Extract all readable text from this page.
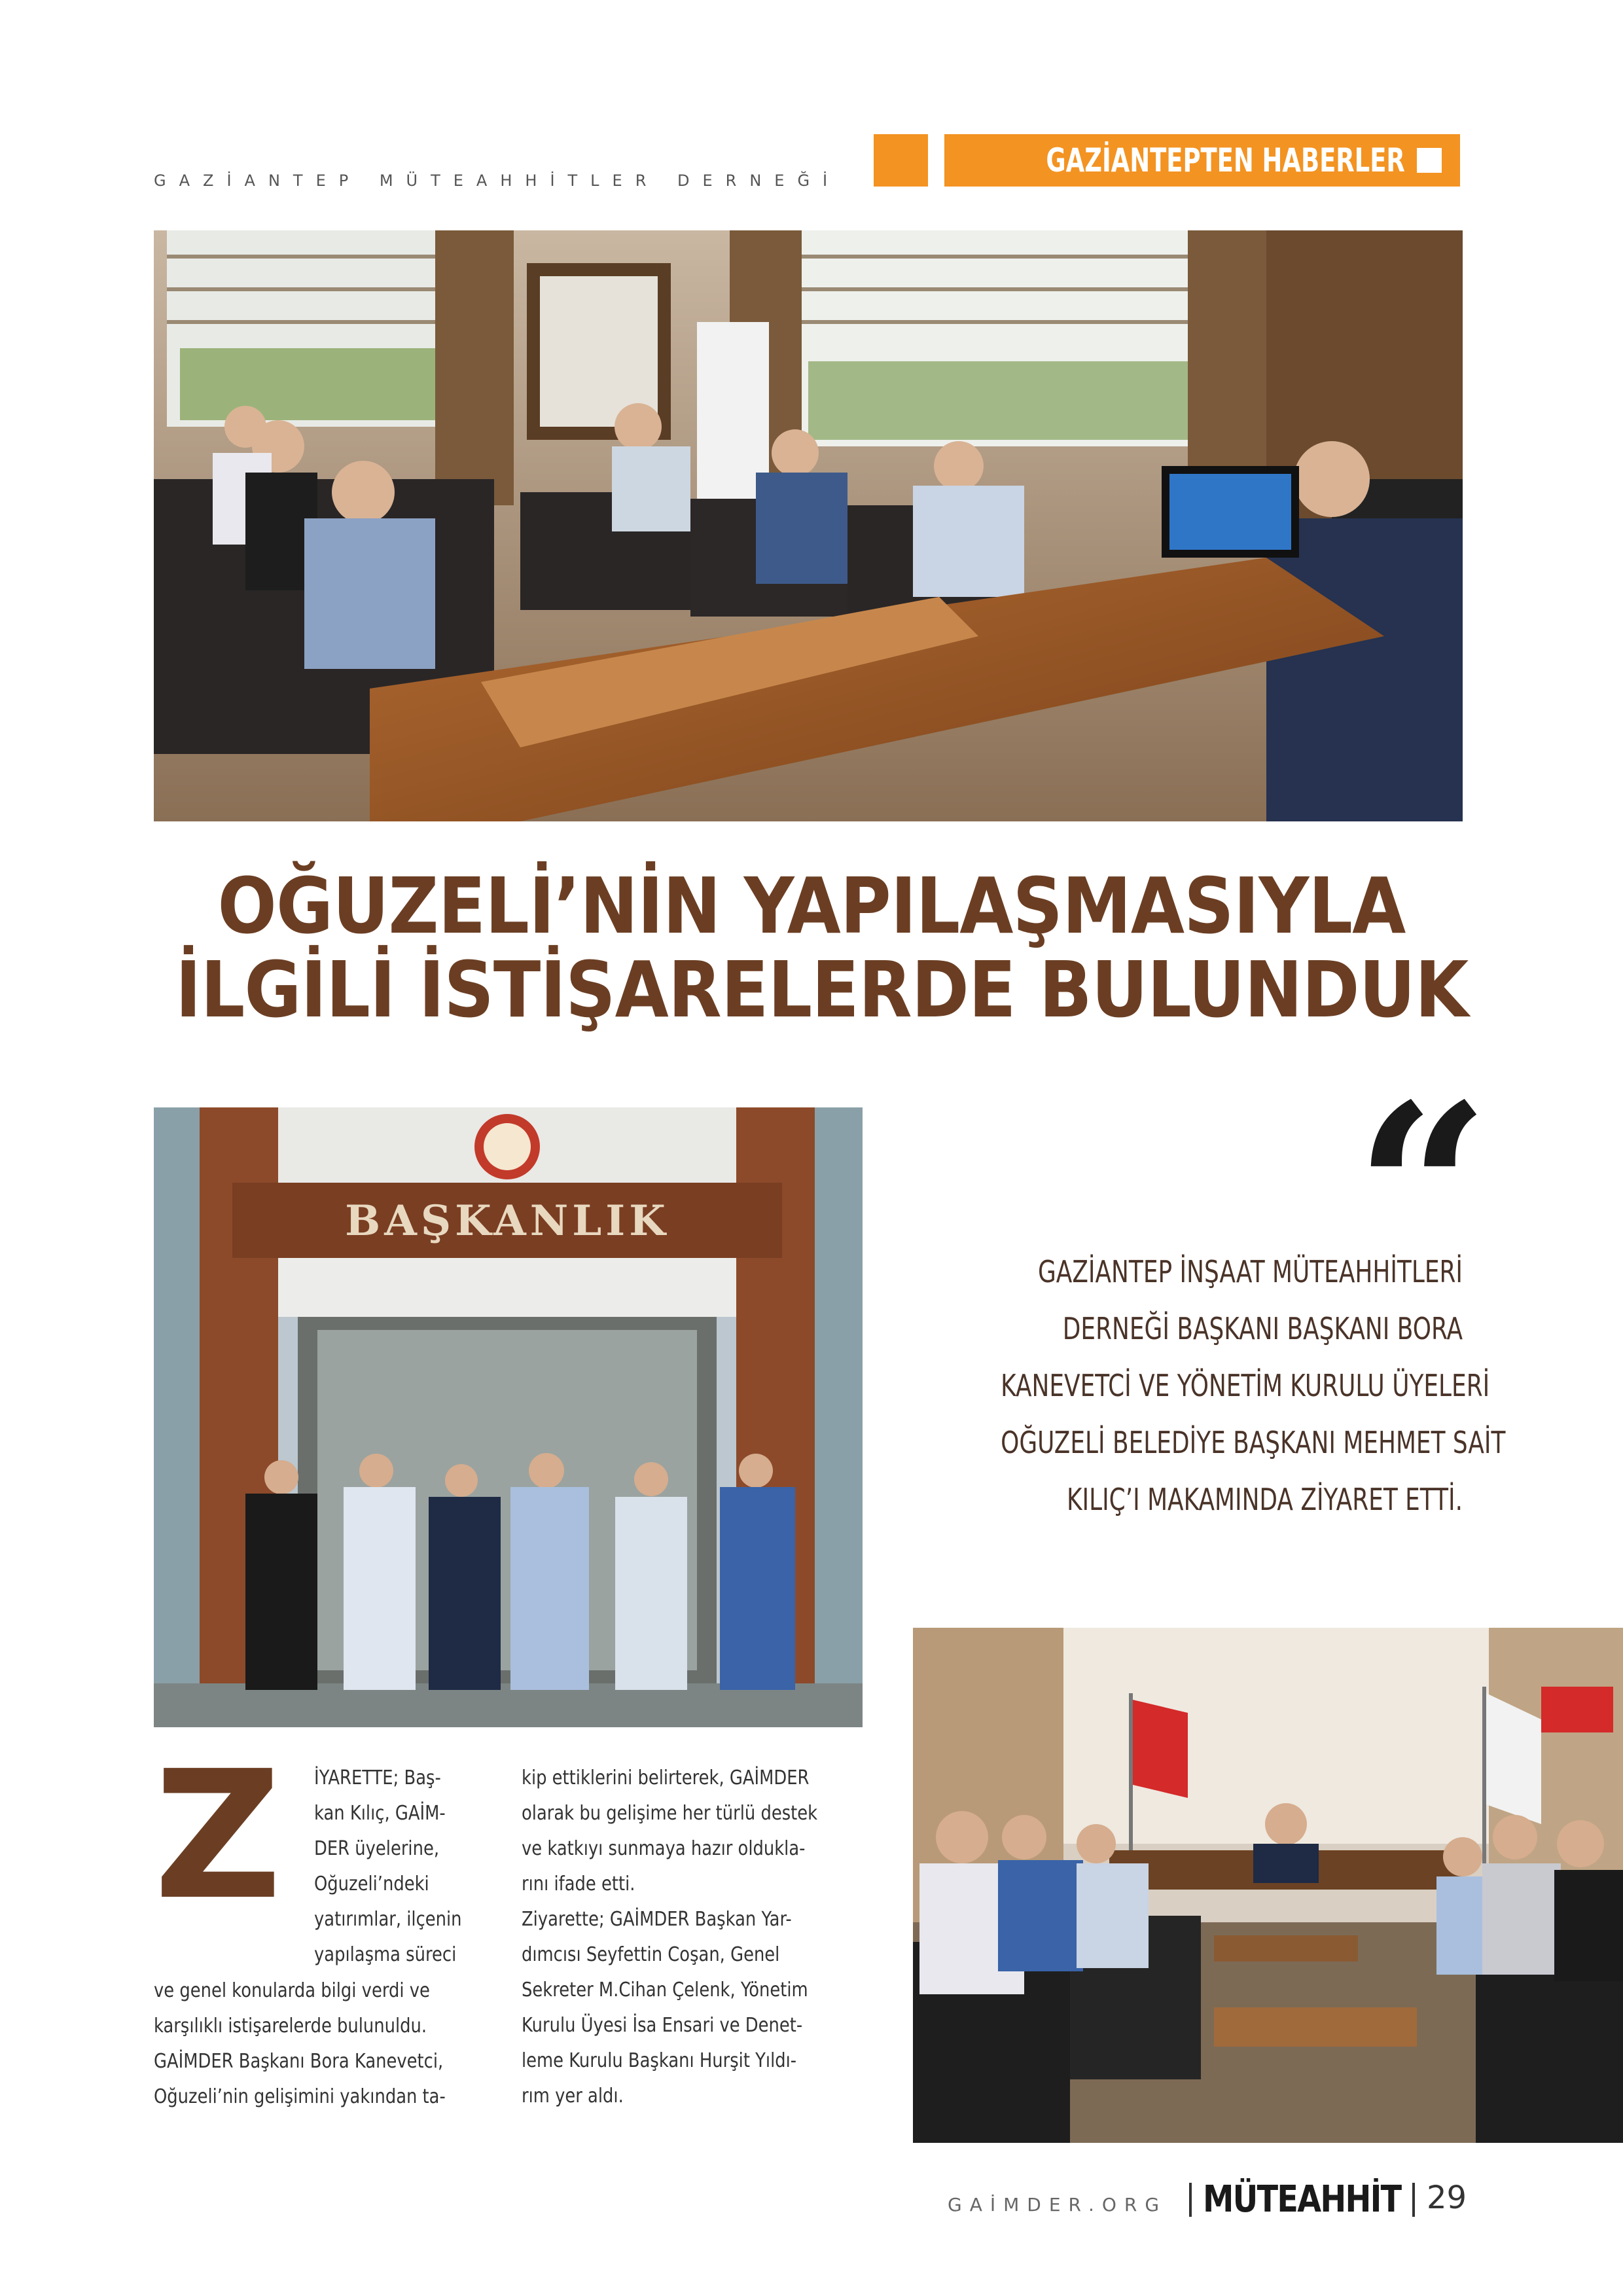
GAZİANTEP MÜTEAHHİTLER DERNEĞİ
GAZİANTEPTEN HABERLER
OĞUZELİ’NİN YAPILAŞMASIYLA
İLGİLİ İSTİŞARELERDE BULUNDUK
BAŞKANLIK	“
GAZİANTEP İNŞAAT MÜTEAHHİTLERİ
DERNEĞİ BAŞKANI BAŞKANI BORA
KANEVETCİ VE YÖNETİM KURULU ÜYELERİ
OĞUZELİ BELEDİYE BAŞKANI MEHMET SAİT
KILIÇ’I MAKAMINDA ZİYARET ETTİ.
Z İYARETTE; Baş-
kan Kılıç, GAİM-
DER üyelerine,
Oğuzeli’ndeki
yatırımlar, ilçenin
yapılaşma süreci
ve genel konularda bilgi verdi ve
karşılıklı istişarelerde bulunuldu.
GAİMDER Başkanı Bora Kanevetci,
Oğuzeli’nin gelişimini yakından ta-
kip ettiklerini belirterek, GAİMDER
olarak bu gelişime her türlü destek
ve katkıyı sunmaya hazır oldukla-
rını ifade etti.
Ziyarette; GAİMDER Başkan Yar-
dımcısı Seyfettin Coşan, Genel
Sekreter M.Cihan Çelenk, Yönetim
Kurulu Üyesi İsa Ensari ve Denet-
leme Kurulu Başkanı Hurşit Yıldı-
rım yer aldı.
GAİMDER.ORG MÜTEAHHİT 29
